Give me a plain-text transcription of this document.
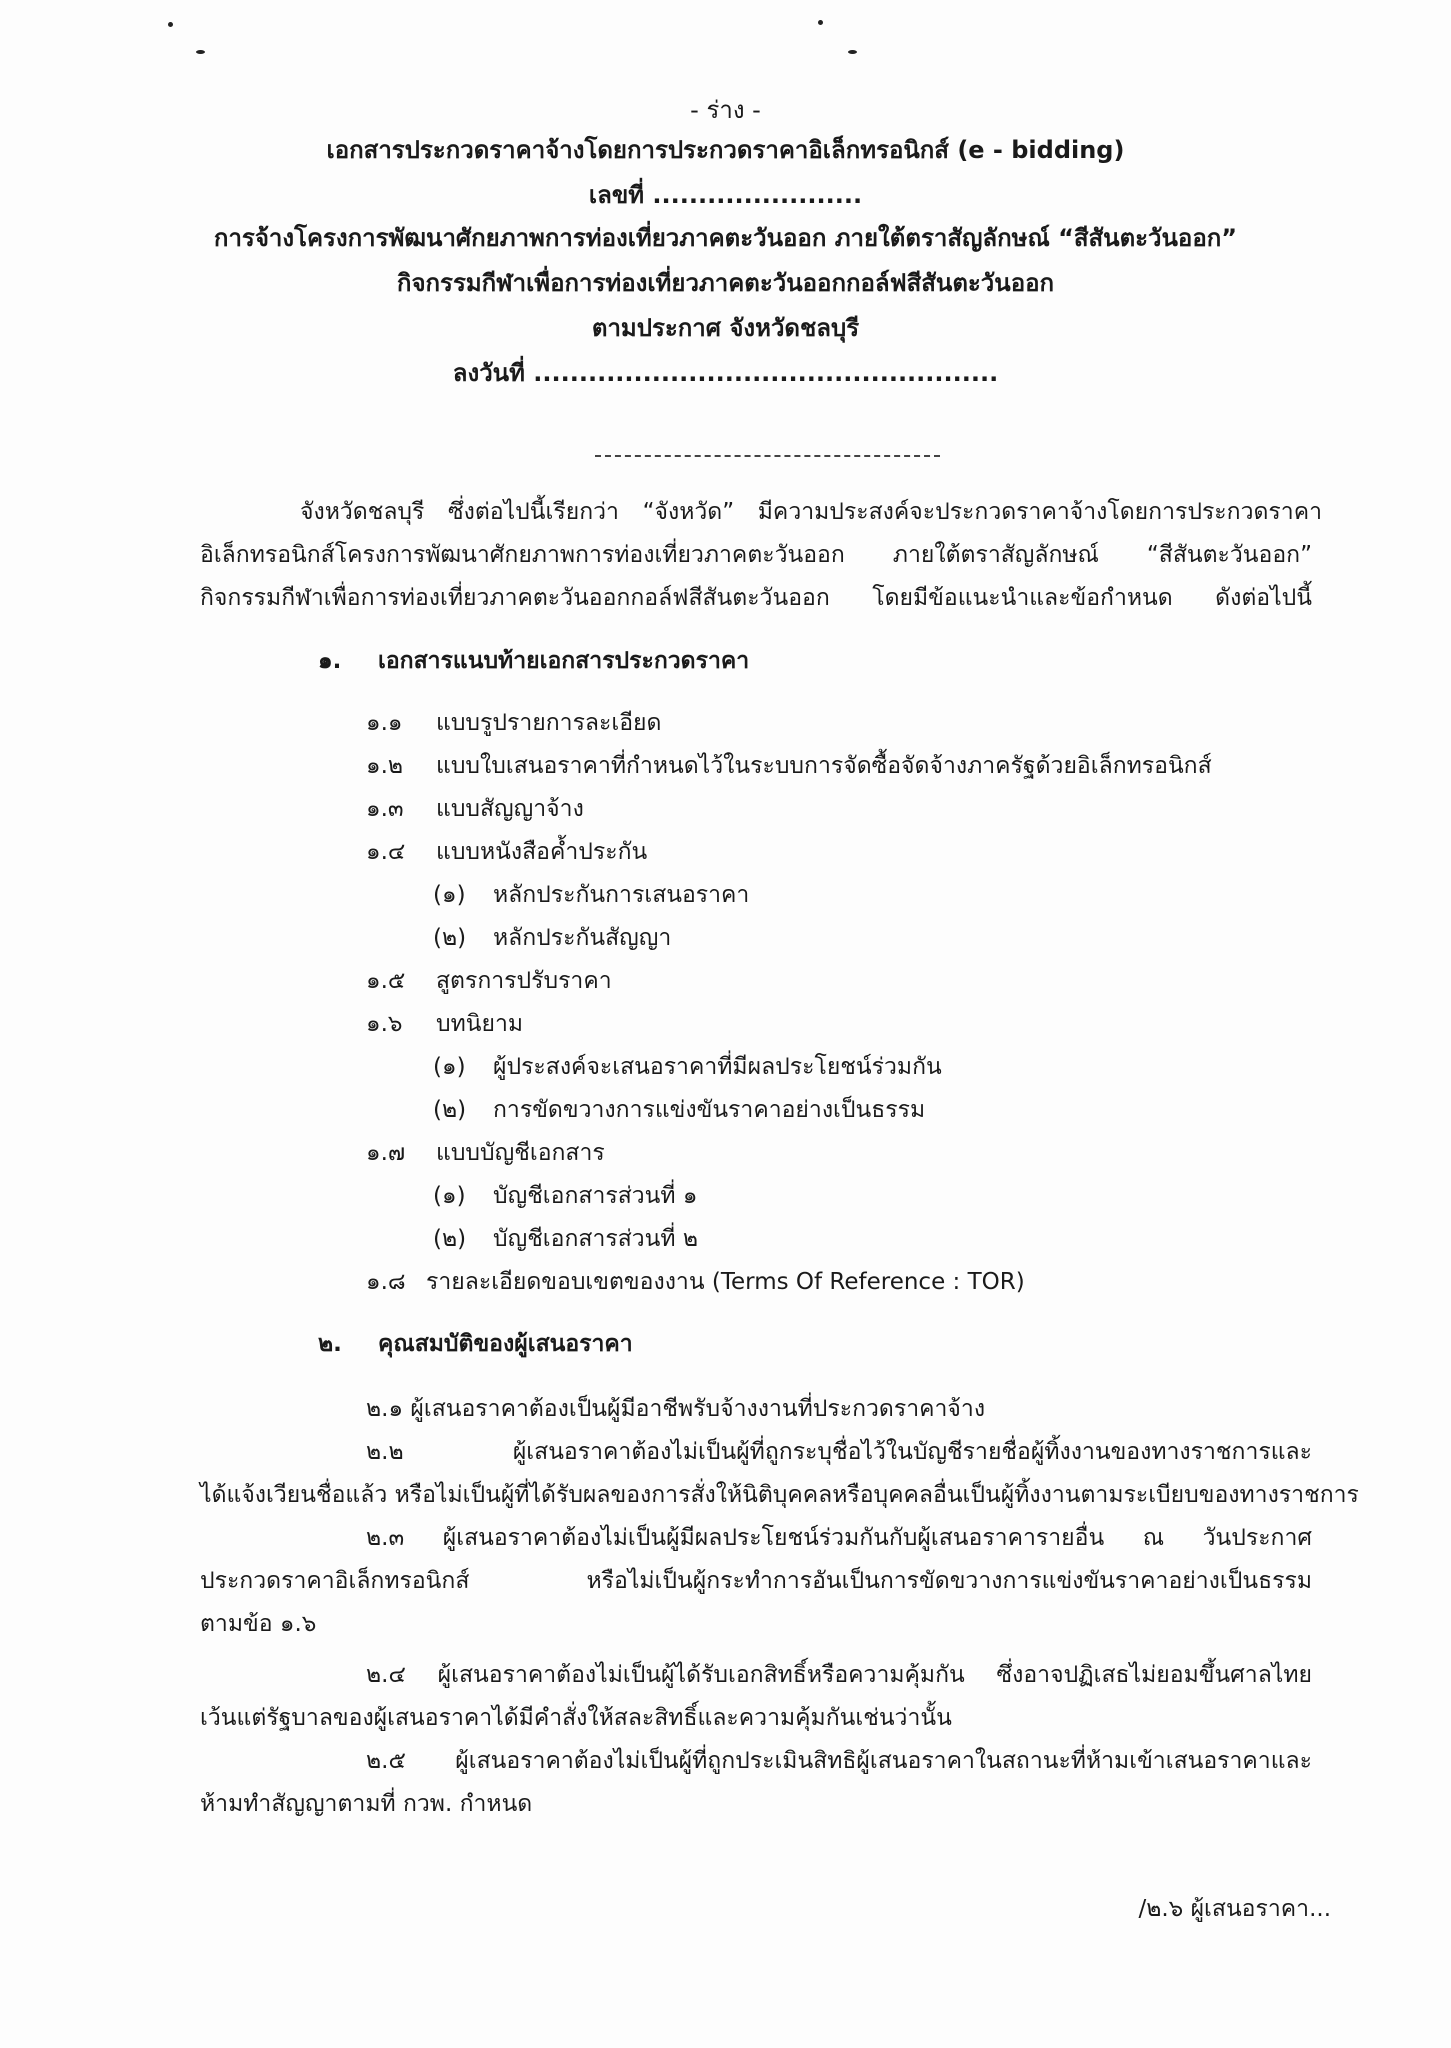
- ร่าง -
เอกสารประกวดราคาจ้างโดยการประกวดราคาอิเล็กทรอนิกส์ (e - bidding)
เลขที่ .......................
การจ้างโครงการพัฒนาศักยภาพการท่องเที่ยวภาคตะวันออก ภายใต้ตราสัญลักษณ์ “สีสันตะวันออก”
กิจกรรมกีฬาเพื่อการท่องเที่ยวภาคตะวันออกกอล์ฟสีสันตะวันออก
ตามประกาศ จังหวัดชลบุรี
ลงวันที่ ...................................................
จังหวัดชลบุรี ซึ่งต่อไปนี้เรียกว่า “จังหวัด” มีความประสงค์จะประกวดราคาจ้างโดยการประกวดราคา
อิเล็กทรอนิกส์โครงการพัฒนาศักยภาพการท่องเที่ยวภาคตะวันออก ภายใต้ตราสัญลักษณ์ “สีสันตะวันออก”
กิจกรรมกีฬาเพื่อการท่องเที่ยวภาคตะวันออกกอล์ฟสีสันตะวันออก โดยมีข้อแนะนำและข้อกำหนด ดังต่อไปนี้
๑. เอกสารแนบท้ายเอกสารประกวดราคา
๑.๑ แบบรูปรายการละเอียด
๑.๒ แบบใบเสนอราคาที่กำหนดไว้ในระบบการจัดซื้อจัดจ้างภาครัฐด้วยอิเล็กทรอนิกส์
๑.๓ แบบสัญญาจ้าง
๑.๔ แบบหนังสือค้ำประกัน
(๑) หลักประกันการเสนอราคา
(๒) หลักประกันสัญญา
๑.๕ สูตรการปรับราคา
๑.๖ บทนิยาม
(๑) ผู้ประสงค์จะเสนอราคาที่มีผลประโยชน์ร่วมกัน
(๒) การขัดขวางการแข่งขันราคาอย่างเป็นธรรม
๑.๗ แบบบัญชีเอกสาร
(๑) บัญชีเอกสารส่วนที่ ๑
(๒) บัญชีเอกสารส่วนที่ ๒
๑.๘ รายละเอียดขอบเขตของงาน (Terms Of Reference : TOR)
๒. คุณสมบัติของผู้เสนอราคา
๒.๑ ผู้เสนอราคาต้องเป็นผู้มีอาชีพรับจ้างงานที่ประกวดราคาจ้าง
๒.๒ ผู้เสนอราคาต้องไม่เป็นผู้ที่ถูกระบุชื่อไว้ในบัญชีรายชื่อผู้ทิ้งงานของทางราชการและ
ได้แจ้งเวียนชื่อแล้ว หรือไม่เป็นผู้ที่ได้รับผลของการสั่งให้นิติบุคคลหรือบุคคลอื่นเป็นผู้ทิ้งงานตามระเบียบของทางราชการ
๒.๓ ผู้เสนอราคาต้องไม่เป็นผู้มีผลประโยชน์ร่วมกันกับผู้เสนอราคารายอื่น ณ วันประกาศ
ประกวดราคาอิเล็กทรอนิกส์ หรือไม่เป็นผู้กระทำการอันเป็นการขัดขวางการแข่งขันราคาอย่างเป็นธรรม
ตามข้อ ๑.๖
๒.๔ ผู้เสนอราคาต้องไม่เป็นผู้ได้รับเอกสิทธิ์หรือความคุ้มกัน ซึ่งอาจปฏิเสธไม่ยอมขึ้นศาลไทย
เว้นแต่รัฐบาลของผู้เสนอราคาได้มีคำสั่งให้สละสิทธิ์และความคุ้มกันเช่นว่านั้น
๒.๕ ผู้เสนอราคาต้องไม่เป็นผู้ที่ถูกประเมินสิทธิผู้เสนอราคาในสถานะที่ห้ามเข้าเสนอราคาและ
ห้ามทำสัญญาตามที่ กวพ. กำหนด
/๒.๖ ผู้เสนอราคา...
